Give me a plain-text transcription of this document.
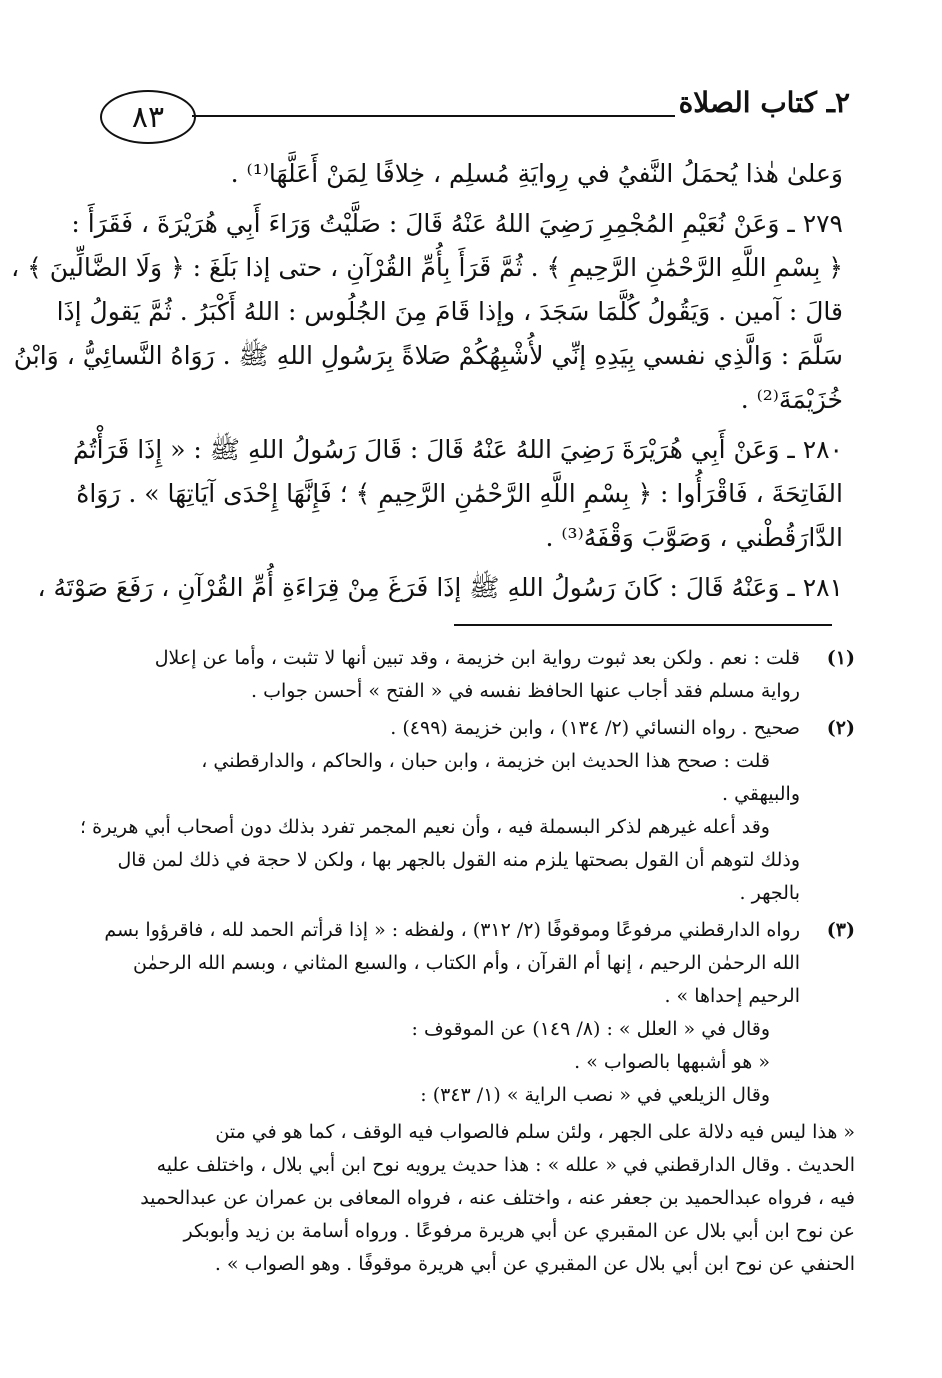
٨٣	٢ـ كتاب الصلاة
وَعلىٰ هٰذا يُحمَلُ النَّفيُ في رِوايَةِ مُسلِم ، خِلافًا لِمَنْ أَعَلَّهَا⁽¹⁾ .
٢٧٩ ـ وَعَنْ نُعَيْمِ المُجْمِرِ رَضِيَ اللهُ عَنْهُ قَالَ : صَلَّيْتُ وَرَاءَ أَبِي هُرَيْرَةَ ، فَقَرَأَ :
﴿ بِسْمِ اللَّهِ الرَّحْمَٰنِ الرَّحِيمِ ﴾ . ثُمَّ قَرَأَ بِأُمِّ القُرْآنِ ، حتى إذا بَلَغَ : ﴿ وَلَا الضَّالِّينَ ﴾ ،
قالَ : آمين . وَيَقُولُ كُلَّمَا سَجَدَ ، وإذا قَامَ مِنَ الجُلُوس : اللهُ أَكْبَرُ . ثُمَّ يَقولُ إذَا
سَلَّمَ : وَالَّذِي نفسي بِيَدِهِ إنِّي لأُشْبِهُكُمْ صَلاةً بِرَسُولِ اللهِ ﷺ . رَوَاهُ النَّسائِيُّ ، وَابْنُ
خُزَيْمَةَ⁽²⁾ .
٢٨٠ ـ وَعَنْ أَبِي هُرَيْرَةَ رَضِيَ اللهُ عَنْهُ قَالَ : قَالَ رَسُولُ اللهِ ﷺ : « إِذَا قَرَأْتُمُ
الفَاتِحَةَ ، فَاقْرَأُوا : ﴿ بِسْمِ اللَّهِ الرَّحْمَٰنِ الرَّحِيمِ ﴾ ؛ فَإِنَّهَا إِحْدَى آيَاتِهَا » . رَوَاهُ
الدَّارَقُطْني ، وَصَوَّبَ وَقْفَهُ⁽³⁾ .
٢٨١ ـ وَعَنْهُ قَالَ : كَانَ رَسُولُ اللهِ ﷺ إذَا فَرَغَ مِنْ قِرَاءَةِ أُمِّ القُرْآنِ ، رَفَعَ صَوْتَهُ ،
(١)
قلت : نعم . ولكن بعد ثبوت رواية ابن خزيمة ، وقد تبين أنها لا تثبت ، وأما عن إعلال
رواية مسلم فقد أجاب عنها الحافظ نفسه في « الفتح » أحسن جواب .
(٢)
صحيح . رواه النسائي (٢/ ١٣٤) ، وابن خزيمة (٤٩٩) .
قلت : صحح هذا الحديث ابن خزيمة ، وابن حبان ، والحاكم ، والدارقطني ،
والبيهقي .
وقد أعله غيرهم لذكر البسملة فيه ، وأن نعيم المجمر تفرد بذلك دون أصحاب أبي هريرة ؛
وذلك لتوهم أن القول بصحتها يلزم منه القول بالجهر بها ، ولكن لا حجة في ذلك لمن قال
بالجهر .
(٣)
رواه الدارقطني مرفوعًا وموقوفًا (٢/ ٣١٢) ، ولفظه : « إذا قرأتم الحمد لله ، فاقرؤوا بسم
الله الرحمٰن الرحيم ، إنها أم القرآن ، وأم الكتاب ، والسبع المثاني ، وبسم الله الرحمٰن
الرحيم إحداها » .
وقال في « العلل » : (٨/ ١٤٩) عن الموقوف :
« هو أشبهها بالصواب » .
وقال الزيلعي في « نصب الراية » (١/ ٣٤٣) :
« هذا ليس فيه دلالة على الجهر ، ولئن سلم فالصواب فيه الوقف ، كما هو في متن
الحديث . وقال الدارقطني في « علله » : هذا حديث يرويه نوح ابن أبي بلال ، واختلف عليه
فيه ، فرواه عبدالحميد بن جعفر عنه ، واختلف عنه ، فرواه المعافى بن عمران عن عبدالحميد
عن نوح ابن أبي بلال عن المقبري عن أبي هريرة مرفوعًا . ورواه أسامة بن زيد وأبوبكر
الحنفي عن نوح ابن أبي بلال عن المقبري عن أبي هريرة موقوفًا . وهو الصواب » .
